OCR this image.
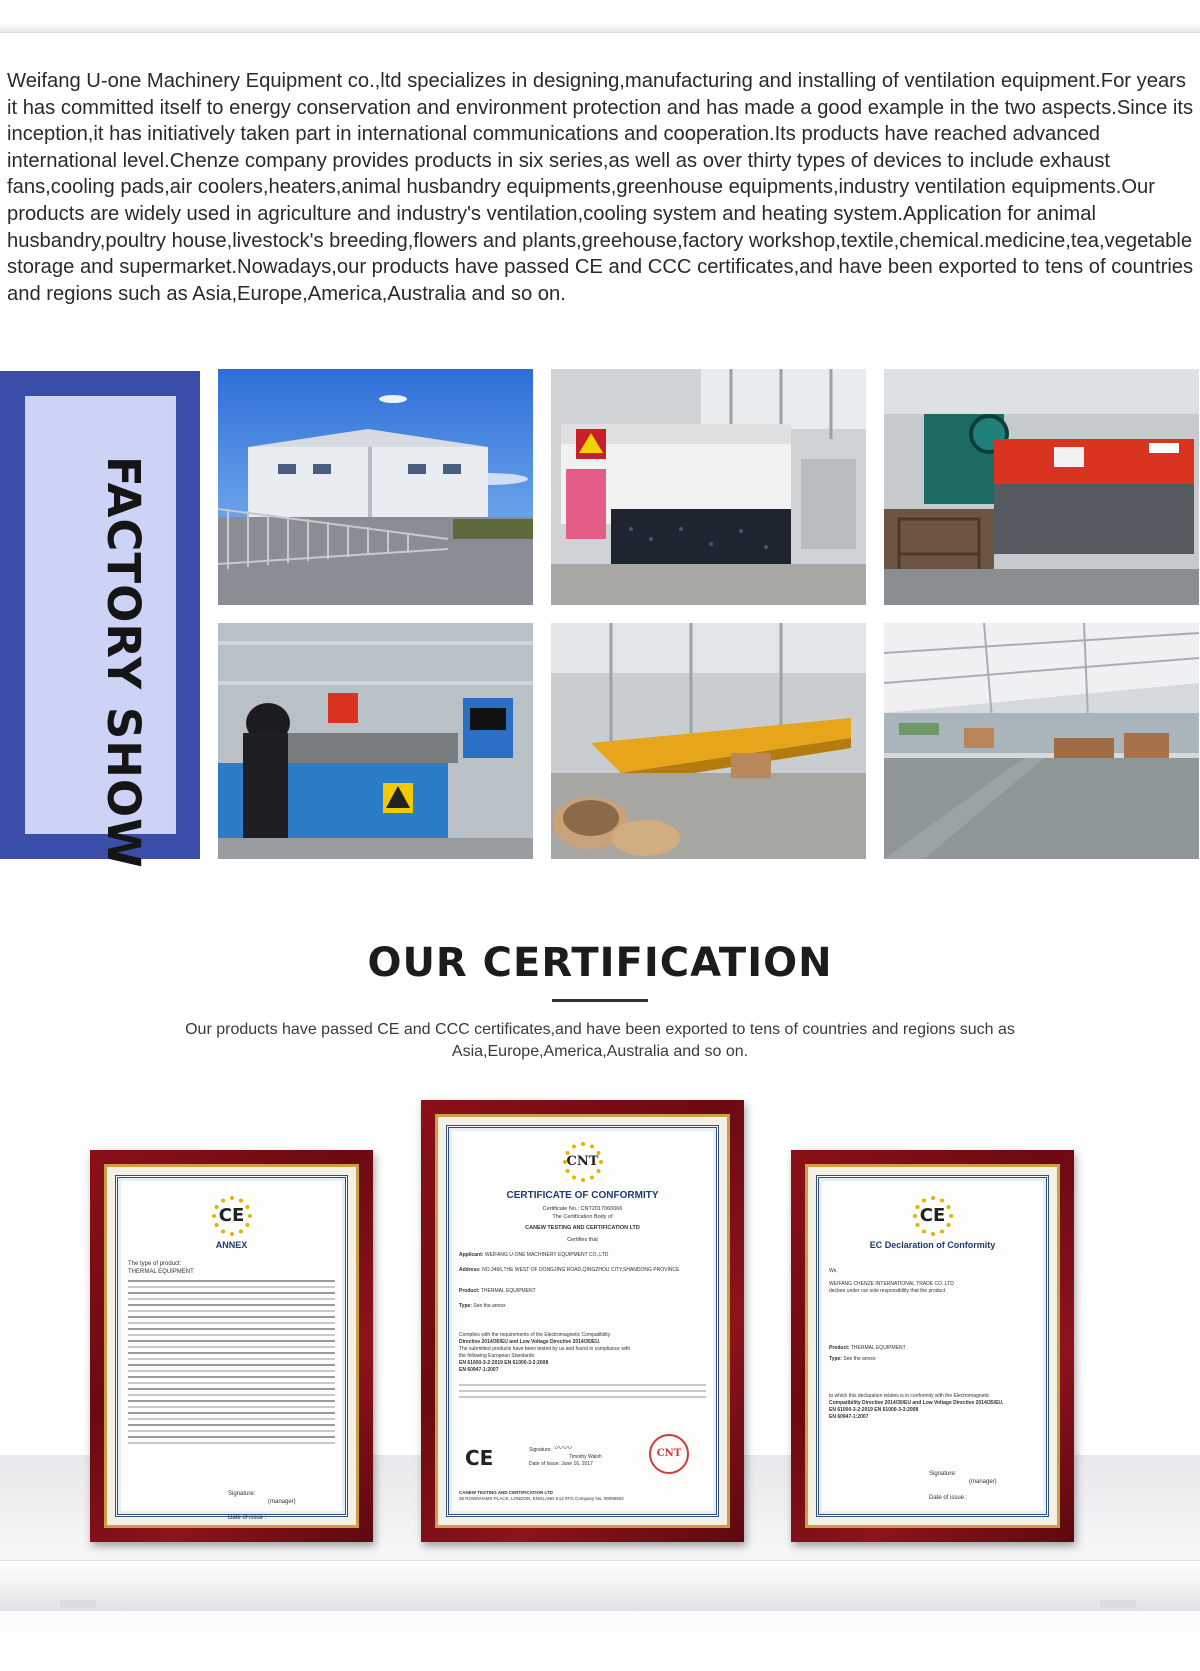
Weifang U-one Machinery Equipment co.,ltd specializes in designing,manufacturing and installing of ventilation equipment.For years it has committed itself to energy conservation and environment protection and has made a good example in the two aspects.Since its inception,it has initiatively taken part in international communications and cooperation.Its products have reached advanced international level.Chenze company provides products in six series,as well as over thirty types of devices to include exhaust fans,cooling pads,air coolers,heaters,animal husbandry equipments,greenhouse equipments,industry ventilation equipments.Our products are widely used in agriculture and industry's ventilation,cooling system and heating system.Application for animal husbandry,poultry house,livestock's breeding,flowers and plants,greehouse,factory workshop,textile,chemical.medicine,tea,vegetable storage and supermarket.Nowadays,our products have passed CE and CCC certificates,and have been exported to tens of countries and regions such as Asia,Europe,America,Australia and so on.

FACTORY SHOW
OUR CERTIFICATION
Our products have passed CE and CCC certificates,and have been exported to tens of countries and regions such as Asia,Europe,America,Australia and so on.
CE
ANNEX
The type of product:
THERMAL EQUIPMENT
Signature:
(manager)
Date of issue :
CNT
CERTIFICATE OF CONFORMITY
Certificate No.: CNT2017060066
The Certification Body of
CANEW TESTING AND CERTIFICATION LTD
Certifies that
Applicant: WEIFANG U-ONE MACHINERY EQUIPMENT CO.,LTD
Address: NO.3466,THE WEST OF DONGJING ROAD,QINGZHOU CITY,SHANDONG PROVINCE
Product: THERMAL EQUIPMENT
Type: See the annex
Complies with the requirements of the Electromagnetic Compatibility
Directive 2014/30/EU and Low Voltage Directive 2014/35/EU.
The submitted products have been tested by us and found in compliance with
the following European Standards:
EN 61000-3-2:2019 EN 61000-3-3:2008
EN 60947-1:2007
CE	Signature: 〰〰
Timothy Walsh
Date of Issue: June 16, 2017
CNT
CANEW TESTING AND CERTIFICATION LTD
36 ROWNHAMS PLACE, LONDON, ENGLAND E14 9TG Company No. 09096802
CE
EC Declaration of Conformity
We,
WEIFANG CHENZE INTERNATIONAL TRADE CO.,LTD
declare under our sole responsibility that the product
Product: THERMAL EQUIPMENT
Type: See the annex
to which this declaration relates is in conformity with the Electromagnetic
Compatibility Directive 2014/30/EU and Low Voltage Directive 2014/35/EU.
EN 61000-3-2:2019 EN 61000-3-3:2008
EN 60947-1:2007
Signature:
(manager)
Date of issue :
